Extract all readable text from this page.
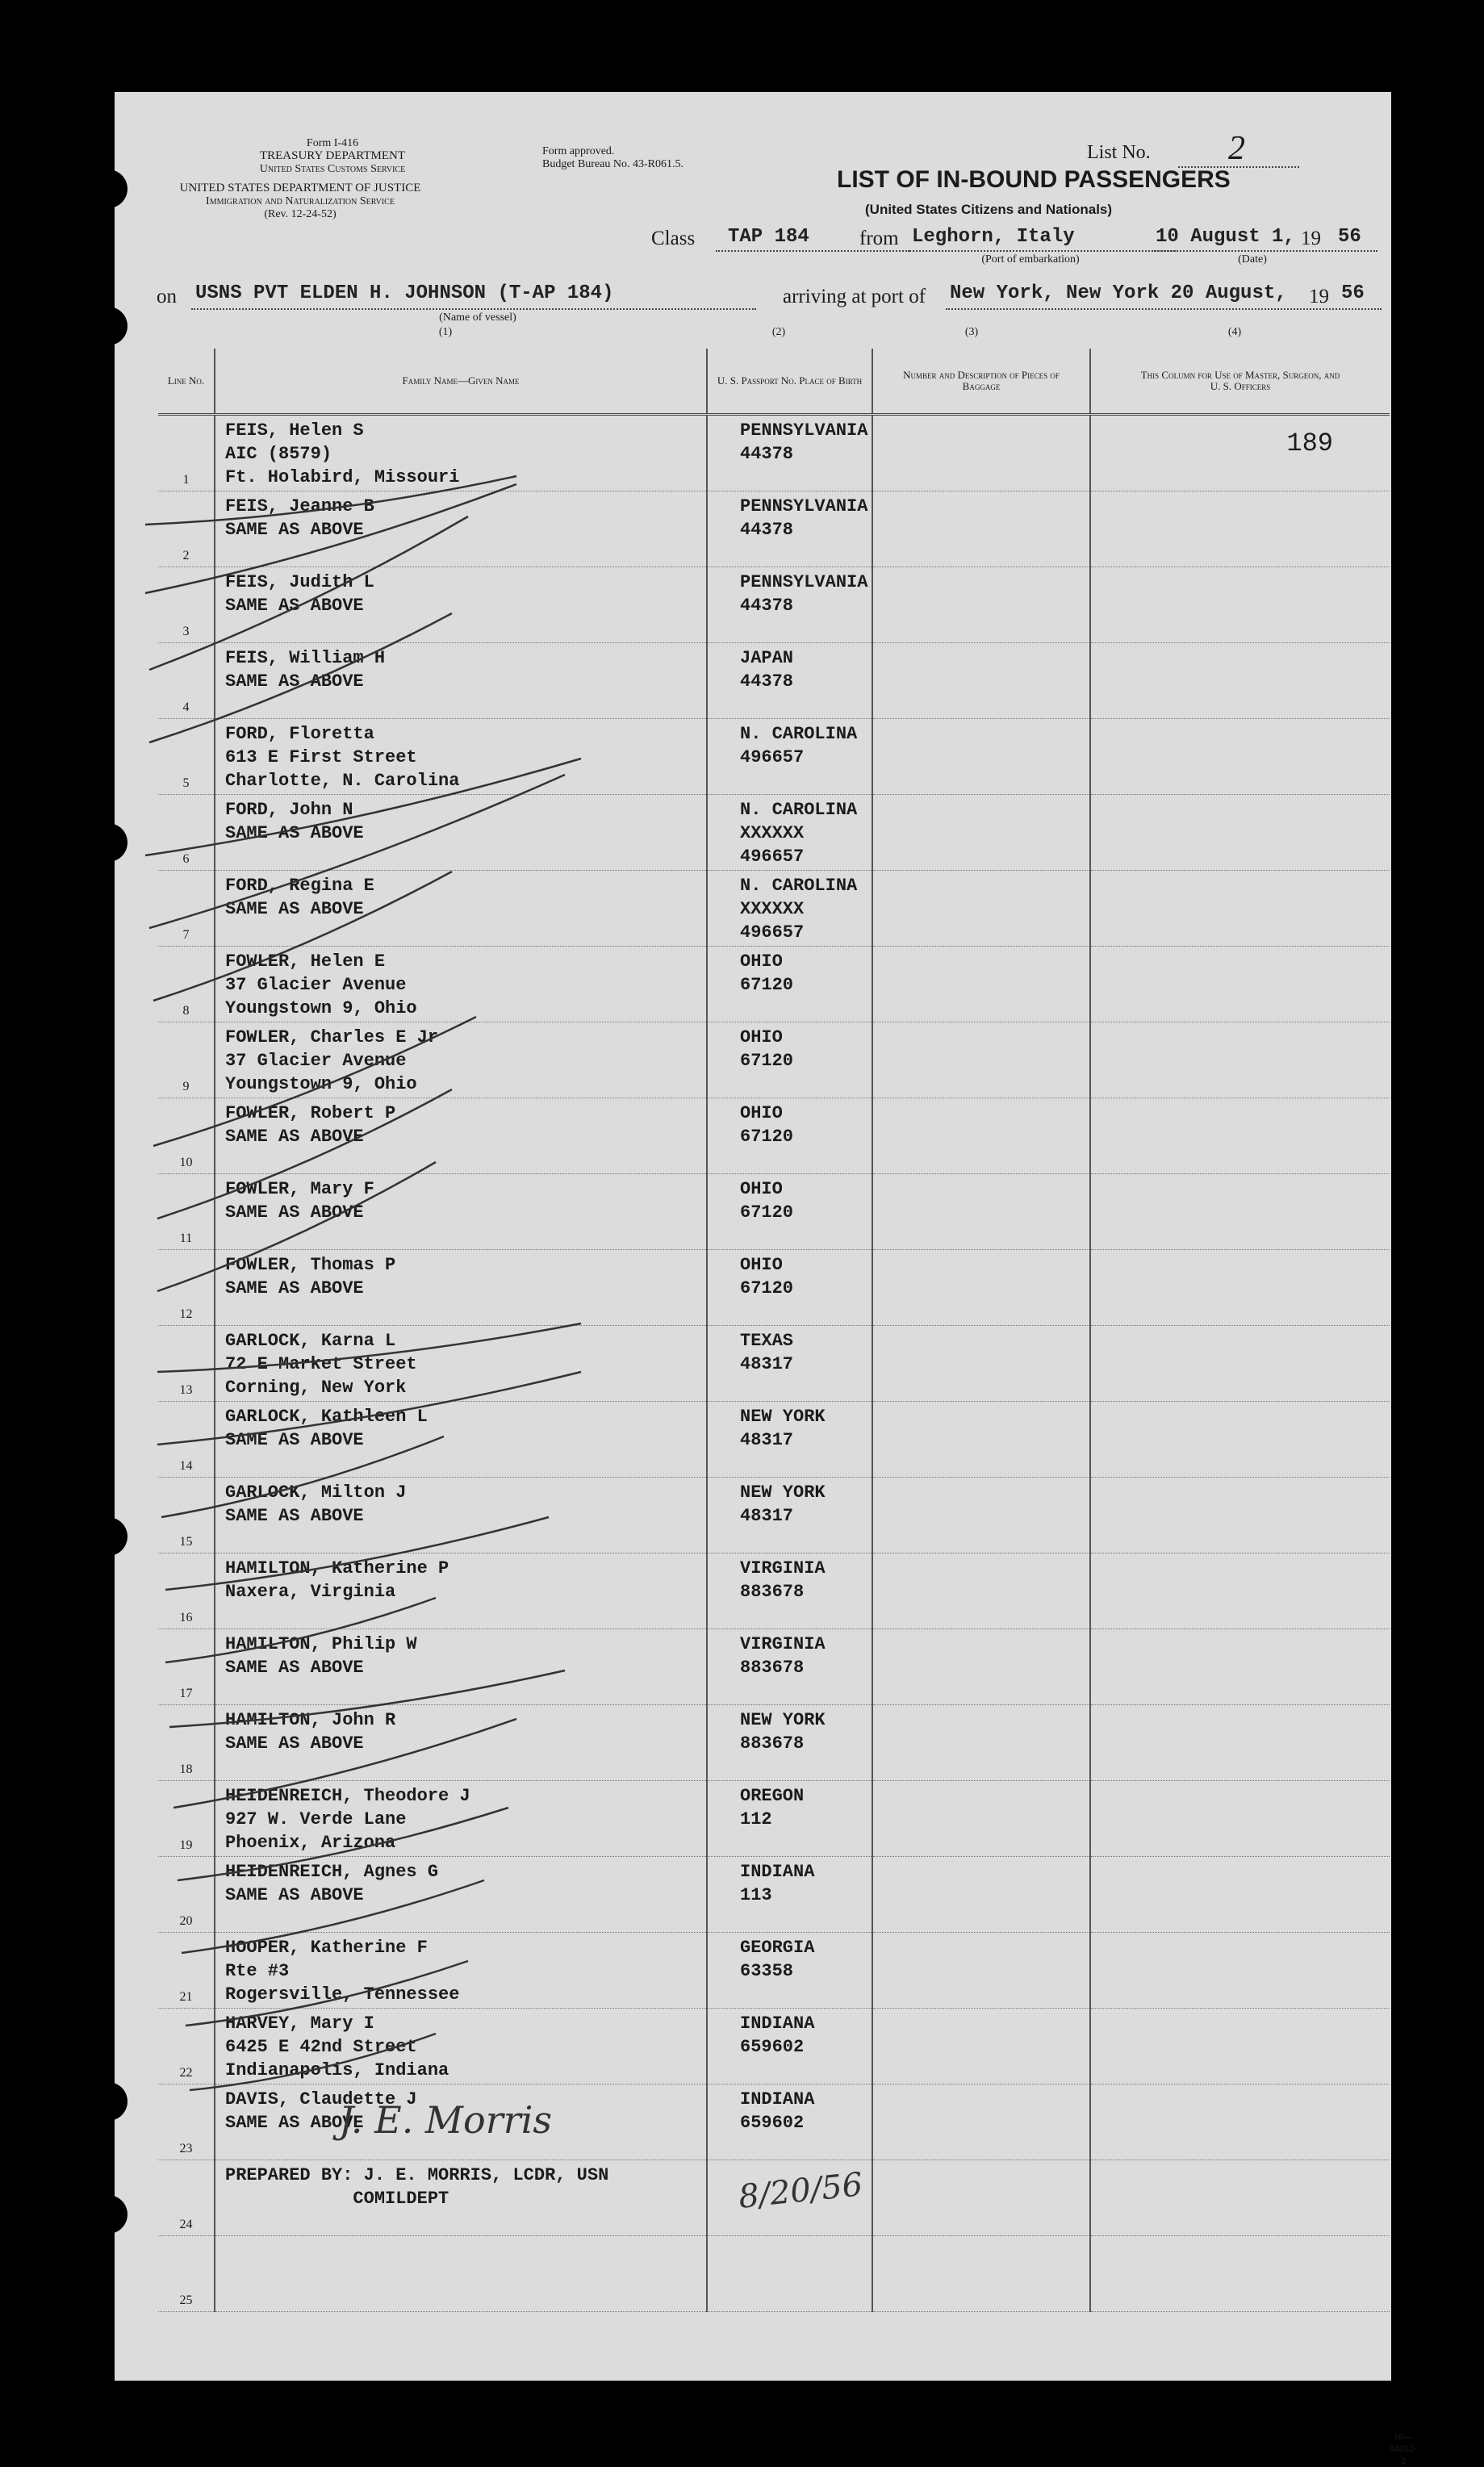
Form I-416
TREASURY DEPARTMENT
United States Customs Service
UNITED STATES DEPARTMENT OF JUSTICE
Immigration and Naturalization Service
(Rev. 12-24-52)
Form approved.
Budget Bureau No. 43-R061.5.
List No. 2
LIST OF IN-BOUND PASSENGERS
(United States Citizens and Nationals)
Class TAP 184 from Leghorn, Italy
(Port of embarkation)
10 August 1, 19 56
(Date)
on USNS PVT ELDEN H. JOHNSON (T-AP 184)
(Name of vessel)
arriving at port of New York, New York 20 August, 19 56
(1)	(2)	(3)	(4)
16—84052-2
Line No.	Family Name—Given Name	U. S. Passport No. Place of Birth	Number and Description of Pieces of Baggage	This Column for Use of Master, Surgeon, and U. S. Officers
1	FEIS, Helen S
AIC (8579)
Ft. Holabird, Missouri	PENNSYLVANIA
44378		189

2	FEIS, Jeanne B
SAME AS ABOVE	PENNSYLVANIA
44378		

3	FEIS, Judith L
SAME AS ABOVE	PENNSYLVANIA
44378		

4	FEIS, William H
SAME AS ABOVE	JAPAN
44378		

5	FORD, Floretta
613 E First Street
Charlotte, N. Carolina	N. CAROLINA
496657		

6	FORD, John N
SAME AS ABOVE	N. CAROLINA
XXXXXX
496657		

7	FORD, Regina E
SAME AS ABOVE	N. CAROLINA
XXXXXX
496657		

8	FOWLER, Helen E
37 Glacier Avenue
Youngstown 9, Ohio	OHIO
67120		

9	FOWLER, Charles E Jr
37 Glacier Avenue
Youngstown 9, Ohio	OHIO
67120		

10	FOWLER, Robert P
SAME AS ABOVE	OHIO
67120		

11	FOWLER, Mary F
SAME AS ABOVE	OHIO
67120		

12	FOWLER, Thomas P
SAME AS ABOVE	OHIO
67120		

13	GARLOCK, Karna L
72 E Market Street
Corning, New York	TEXAS
48317		

14	GARLOCK, Kathleen L
SAME AS ABOVE	NEW YORK
48317		

15	GARLOCK, Milton J
SAME AS ABOVE	NEW YORK
48317		

16	HAMILTON, Katherine P
Naxera, Virginia	VIRGINIA
883678		

17	HAMILTON, Philip W
SAME AS ABOVE	VIRGINIA
883678		

18	HAMILTON, John R
SAME AS ABOVE	NEW YORK
883678		

19	HEIDENREICH, Theodore J
927 W. Verde Lane
Phoenix, Arizona	OREGON
112		

20	HEIDENREICH, Agnes G
SAME AS ABOVE	INDIANA
113		

21	HOOPER, Katherine F
Rte #3
Rogersville, Tennessee	GEORGIA
63358		

22	HARVEY, Mary I
6425 E 42nd Street
Indianapolis, Indiana	INDIANA
659602		

23	DAVIS, Claudette J
SAME AS ABOVE	INDIANA
659602		

24	PREPARED BY: J. E. MORRIS, LCDR, USN
COMILDEPT			

25	

J. E. Morris
8/20/56
